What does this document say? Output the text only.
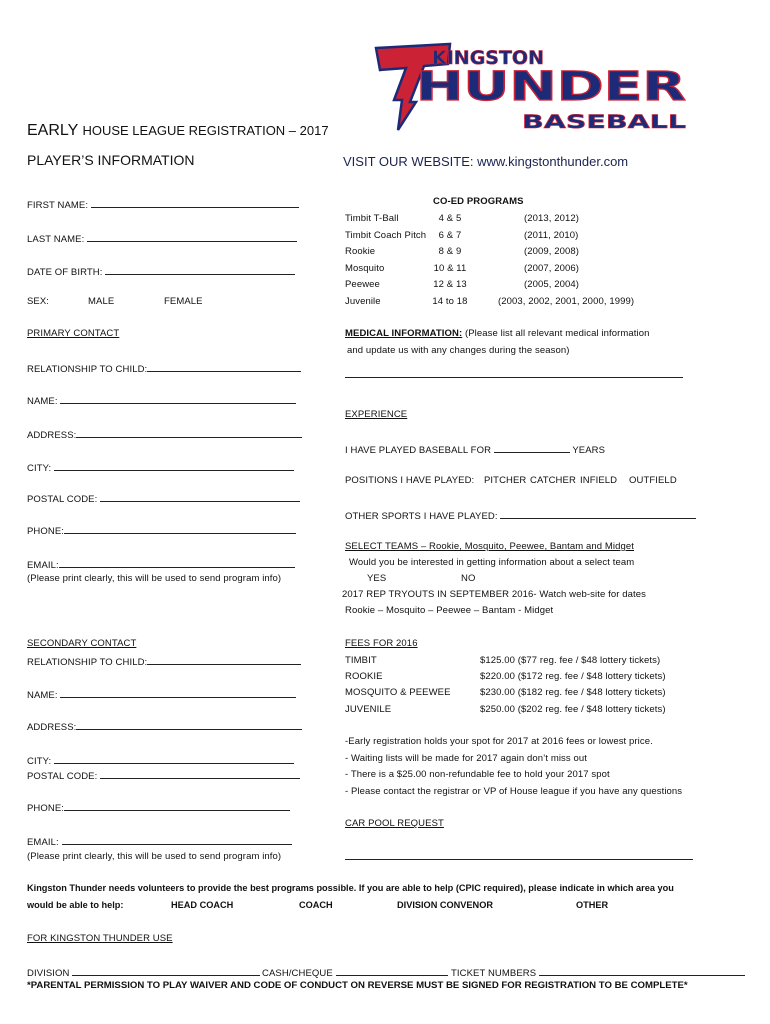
KINGSTON
HUNDER
BASEBALL
EARLY HOUSE LEAGUE REGISTRATION – 2017
PLAYER’S INFORMATION	VISIT OUR WEBSITE: www.kingstonthunder.com
FIRST NAME:
LAST NAME:
DATE OF BIRTH:
SEX:	MALE	FEMALE
CO-ED PROGRAMS
Timbit T-Ball	4 & 5	(2013, 2012)
Timbit Coach Pitch	6 & 7	(2011, 2010)
Rookie	8 & 9	(2009, 2008)
Mosquito	10 & 11	(2007, 2006)
Peewee	12 & 13	(2005, 2004)
Juvenile	14 to 18	(2003, 2002, 2001, 2000, 1999)
PRIMARY CONTACT
RELATIONSHIP TO CHILD:
NAME:
ADDRESS:
CITY:
POSTAL CODE:
PHONE:
EMAIL:
(Please print clearly, this will be used to send program info)
MEDICAL INFORMATION: (Please list all relevant medical information
and update us with any changes during the season)
EXPERIENCE
I HAVE PLAYED BASEBALL FOR	YEARS
POSITIONS I HAVE PLAYED: PITCHER CATCHER INFIELD OUTFIELD
OTHER SPORTS I HAVE PLAYED:
SELECT TEAMS – Rookie, Mosquito, Peewee, Bantam and Midget
Would you be interested in getting information about a select team
YES	NO
2017 REP TRYOUTS IN SEPTEMBER 2016- Watch web-site for dates
Rookie – Mosquito – Peewee – Bantam - Midget
SECONDARY CONTACT
RELATIONSHIP TO CHILD:
NAME:
ADDRESS:
CITY:
POSTAL CODE:
PHONE:
EMAIL:
(Please print clearly, this will be used to send program info)
FEES FOR 2016
TIMBIT	$125.00 ($77 reg. fee / $48 lottery tickets)
ROOKIE	$220.00 ($172 reg. fee / $48 lottery tickets)
MOSQUITO & PEEWEE	$230.00 ($182 reg. fee / $48 lottery tickets)
JUVENILE	$250.00 ($202 reg. fee / $48 lottery tickets)
-Early registration holds your spot for 2017 at 2016 fees or lowest price.
- Waiting lists will be made for 2017 again don’t miss out
- There is a $25.00 non-refundable fee to hold your 2017 spot
- Please contact the registrar or VP of House league if you have any questions
CAR POOL REQUEST
Kingston Thunder needs volunteers to provide the best programs possible. If you are able to help (CPIC required), please indicate in which area you
would be able to help:	HEAD COACH	COACH	DIVISION CONVENOR	OTHER
FOR KINGSTON THUNDER USE
DIVISION	CASH/CHEQUE	TICKET NUMBERS
*PARENTAL PERMISSION TO PLAY WAIVER AND CODE OF CONDUCT ON REVERSE MUST BE SIGNED FOR REGISTRATION TO BE COMPLETE*
